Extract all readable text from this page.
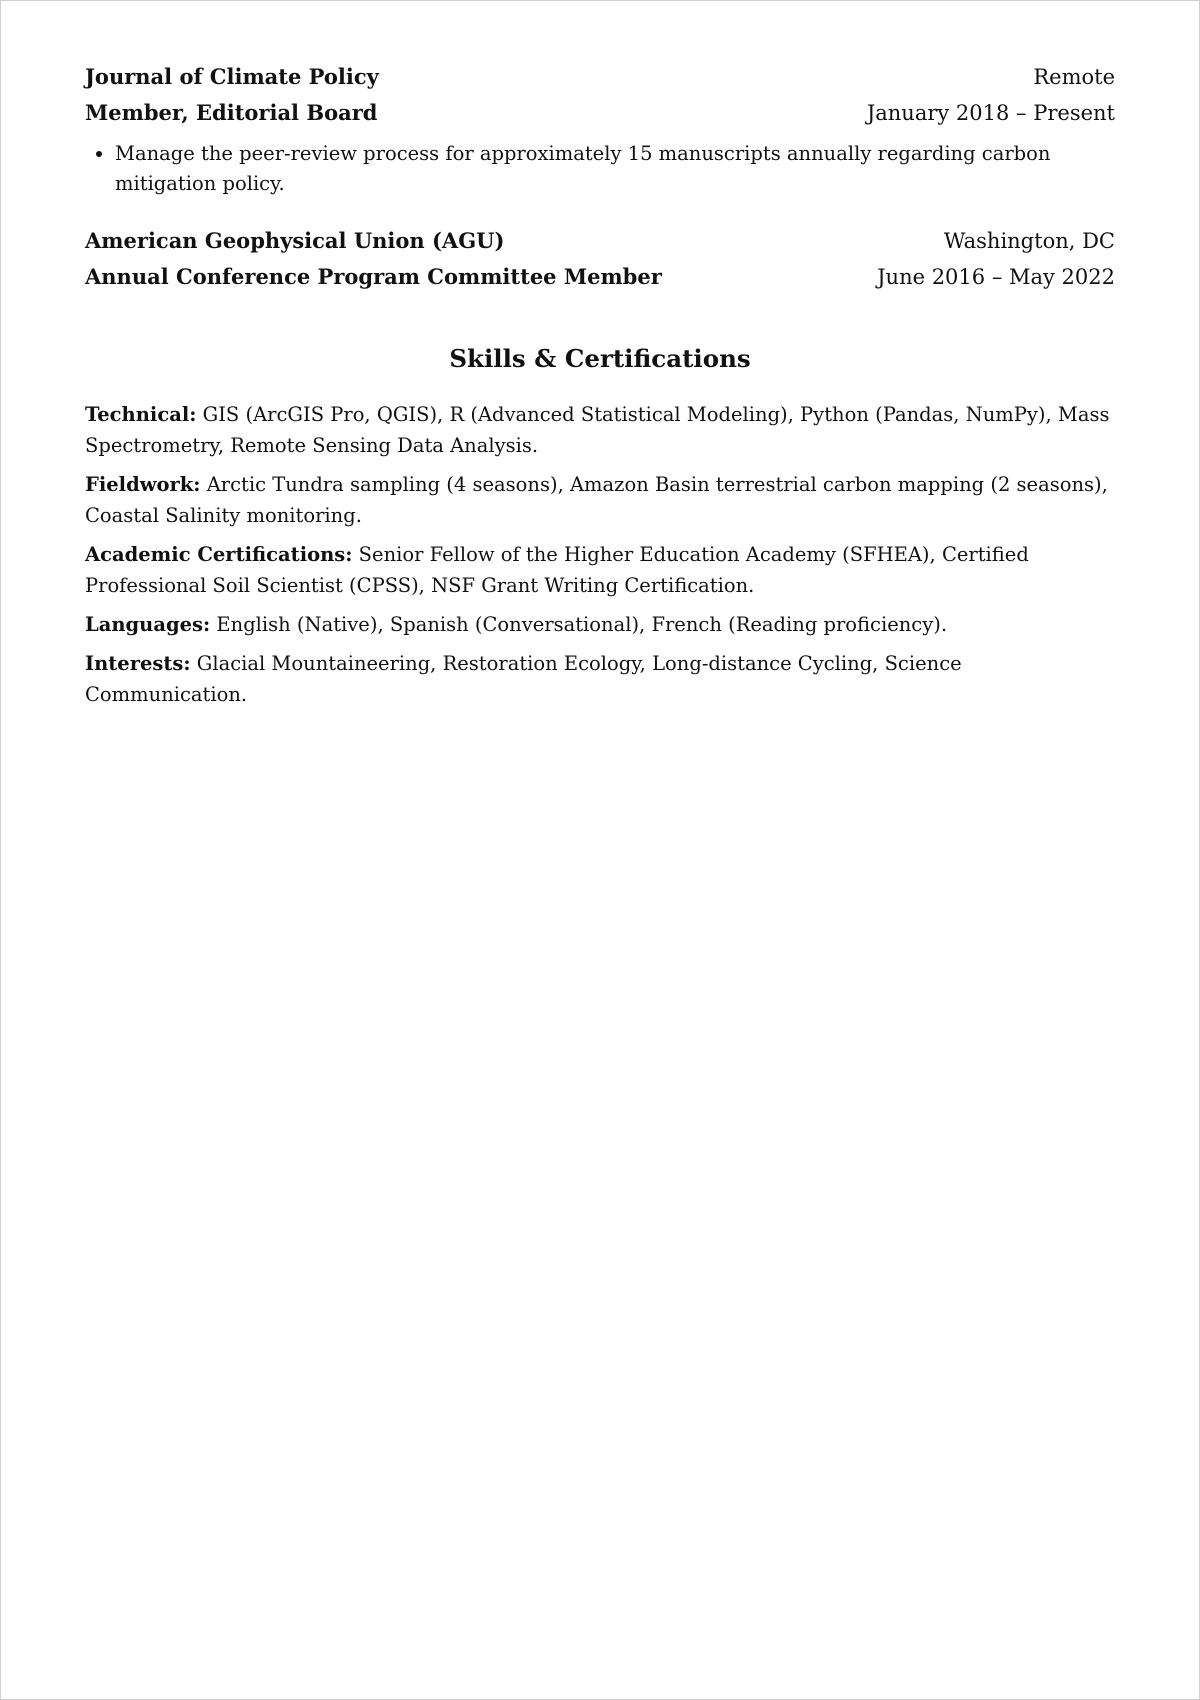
Journal of Climate Policy	Remote
Member, Editorial Board	January 2018 – Present
• Manage the peer-review process for approximately 15 manuscripts annually regarding carbon mitigation policy.
American Geophysical Union (AGU)	Washington, DC
Annual Conference Program Committee Member	June 2016 – May 2022
Skills & Certifications

Technical: GIS (ArcGIS Pro, QGIS), R (Advanced Statistical Modeling), Python (Pandas, NumPy), Mass Spectrometry, Remote Sensing Data Analysis.

Fieldwork: Arctic Tundra sampling (4 seasons), Amazon Basin terrestrial carbon mapping (2 seasons), Coastal Salinity monitoring.

Academic Certifications: Senior Fellow of the Higher Education Academy (SFHEA), Certified Professional Soil Scientist (CPSS), NSF Grant Writing Certification.

Languages: English (Native), Spanish (Conversational), French (Reading proficiency).

Interests: Glacial Mountaineering, Restoration Ecology, Long-distance Cycling, Science Communication.
